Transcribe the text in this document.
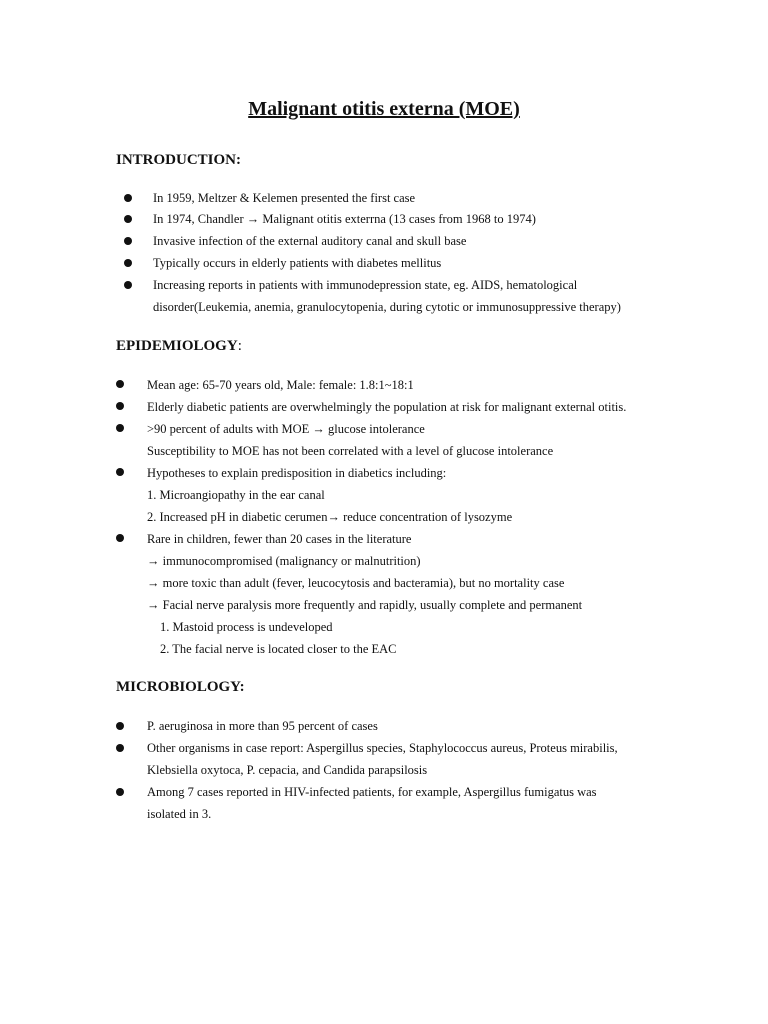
Malignant otitis externa (MOE)
INTRODUCTION:
In 1959, Meltzer & Kelemen presented the first case
In 1974, Chandler → Malignant otitis exterrna (13 cases from 1968 to 1974)
Invasive infection of the external auditory canal and skull base
Typically occurs in elderly patients with diabetes mellitus
Increasing reports in patients with immunodepression state, eg. AIDS, hematological
disorder(Leukemia, anemia, granulocytopenia, during cytotic or immunosuppressive therapy)
EPIDEMIOLOGY:
Mean age: 65-70 years old, Male: female: 1.8:1~18:1
Elderly diabetic patients are overwhelmingly the population at risk for malignant external otitis.
>90 percent of adults with MOE → glucose intolerance
Susceptibility to MOE has not been correlated with a level of glucose intolerance
Hypotheses to explain predisposition in diabetics including:
1. Microangiopathy in the ear canal
2. Increased pH in diabetic cerumen→ reduce concentration of lysozyme
Rare in children, fewer than 20 cases in the literature
→ immunocompromised (malignancy or malnutrition)
→ more toxic than adult (fever, leucocytosis and bacteramia), but no mortality case
→ Facial nerve paralysis more frequently and rapidly, usually complete and permanent
1. Mastoid process is undeveloped
2. The facial nerve is located closer to the EAC
MICROBIOLOGY:
P. aeruginosa in more than 95 percent of cases
Other organisms in case report: Aspergillus species, Staphylococcus aureus, Proteus mirabilis,
Klebsiella oxytoca, P. cepacia, and Candida parapsilosis
Among 7 cases reported in HIV-infected patients, for example, Aspergillus fumigatus was
isolated in 3.
